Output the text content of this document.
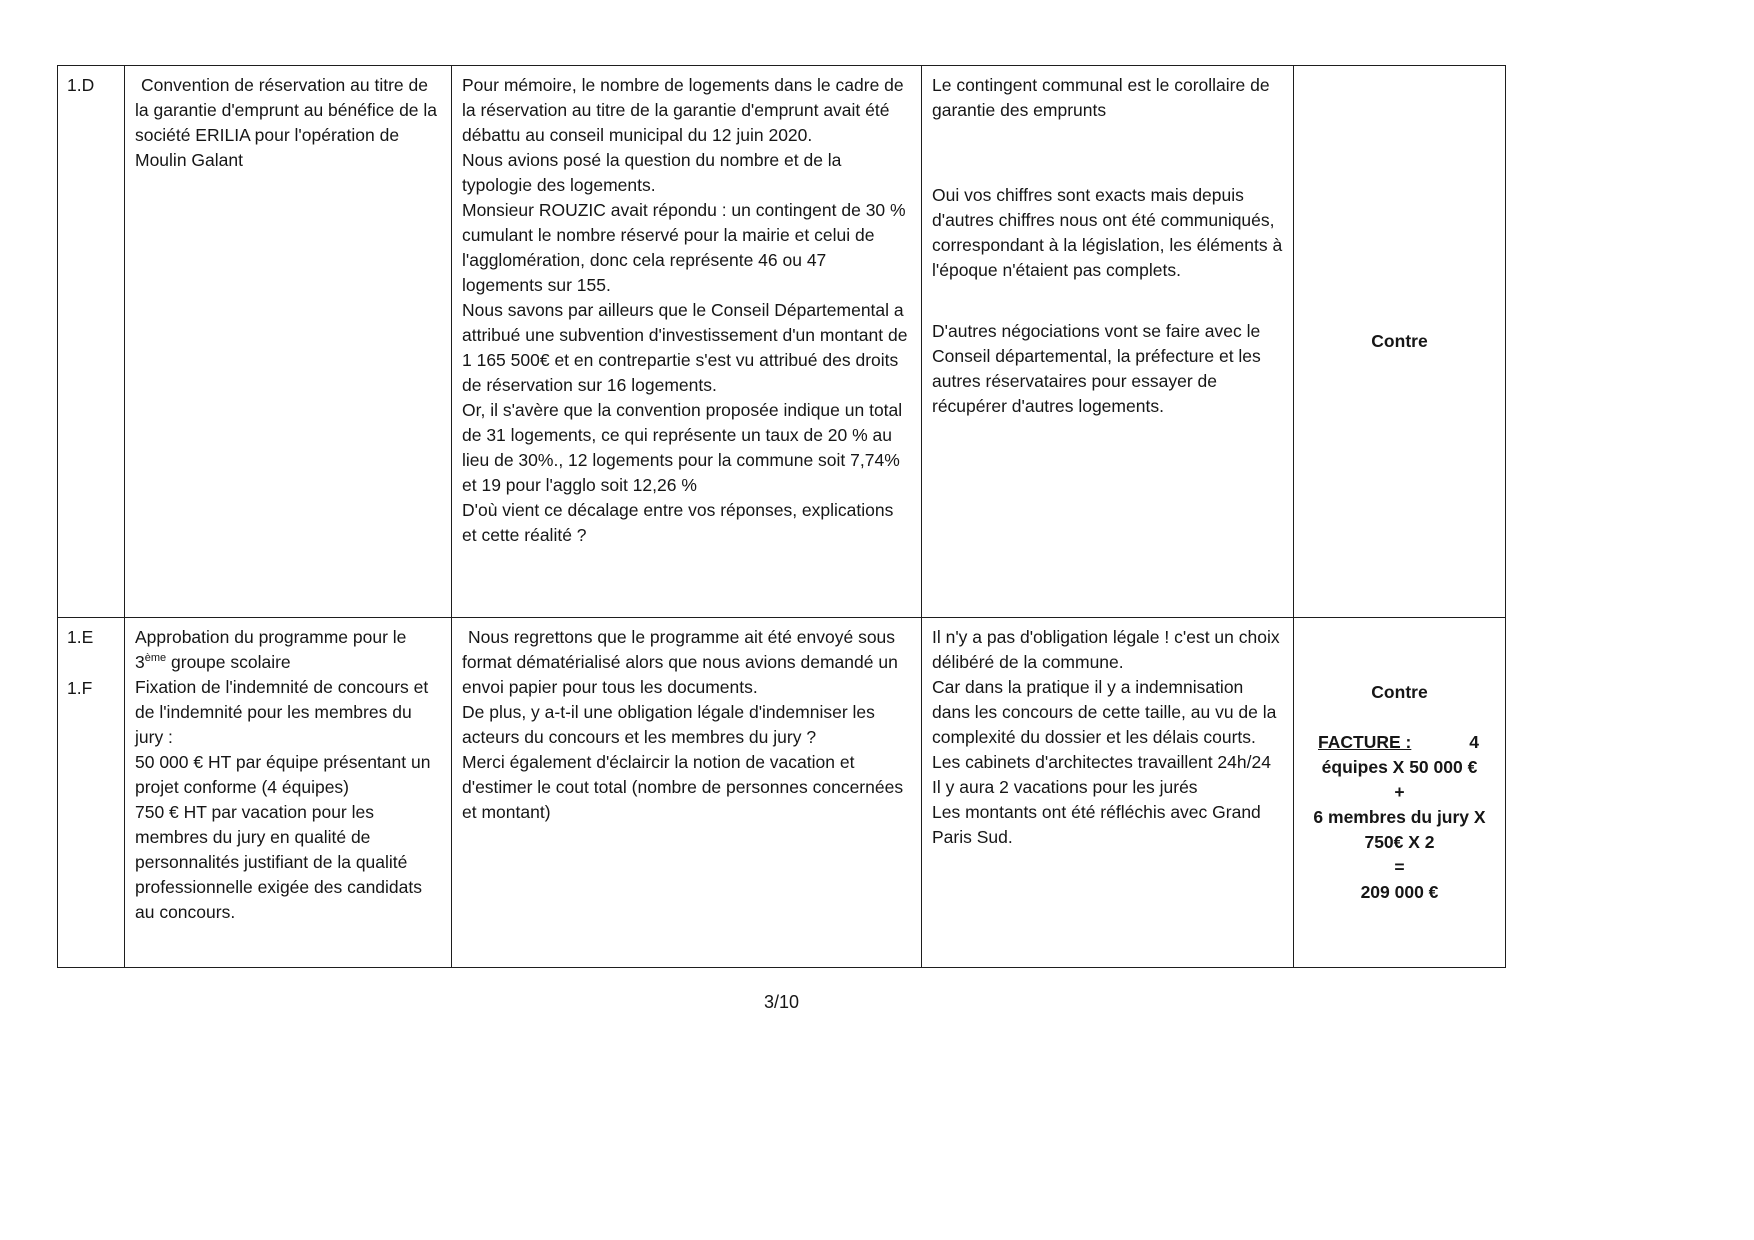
1.D	Convention de réservation au titre de la garantie d'emprunt au bénéfice de la société ERILIA pour l'opération de Moulin Galant

Pour mémoire, le nombre de logements dans le cadre de la réservation au titre de la garantie d'emprunt avait été débattu au conseil municipal du 12 juin 2020.

Nous avions posé la question du nombre et de la typologie des logements.

Monsieur ROUZIC avait répondu : un contingent de 30 % cumulant le nombre réservé pour la mairie et celui de l'agglomération, donc cela représente 46 ou 47 logements sur 155.

Nous savons par ailleurs que le Conseil Départemental a attribué une subvention d'investissement d'un montant de 1 165 500€ et en contrepartie s'est vu attribué des droits de réservation sur 16 logements.

Or, il s'avère que la convention proposée indique un total de 31 logements, ce qui représente un taux de 20 % au lieu de 30%., 12 logements pour la commune soit 7,74% et 19 pour l'agglo soit 12,26 %

D'où vient ce décalage entre vos réponses, explications et cette réalité ?

Le contingent communal est le corollaire de garantie des emprunts

Oui vos chiffres sont exacts mais depuis d'autres chiffres nous ont été communiqués, correspondant à la législation, les éléments à l'époque n'étaient pas complets.

D'autres négociations vont se faire avec le Conseil départemental, la préfecture et les autres réservataires pour essayer de récupérer d'autres logements.

Contre
1.E
1.F

Approbation du programme pour le 3ème groupe scolaire

Fixation de l'indemnité de concours et de l'indemnité pour les membres du jury :

50 000 € HT par équipe présentant un projet conforme (4 équipes)

750 € HT par vacation pour les membres du jury en qualité de personnalités justifiant de la qualité professionnelle exigée des candidats au concours.

Nous regrettons que le programme ait été envoyé sous format dématérialisé alors que nous avions demandé un envoi papier pour tous les documents.

De plus, y a-t-il une obligation légale d'indemniser les acteurs du concours et les membres du jury ?

Merci également d'éclaircir la notion de vacation et d'estimer le cout total (nombre de personnes concernées et montant)

Il n'y a pas d'obligation légale ! c'est un choix délibéré de la commune.

Car dans la pratique il y a indemnisation dans les concours de cette taille, au vu de la complexité du dossier et les délais courts. Les cabinets d'architectes travaillent 24h/24

Il y aura 2 vacations pour les jurés

Les montants ont été réfléchis avec Grand Paris Sud.

Contre
FACTURE :	4
équipes X 50 000 €
+
6 membres du jury X
750€ X 2
=
209 000 €
3/10
